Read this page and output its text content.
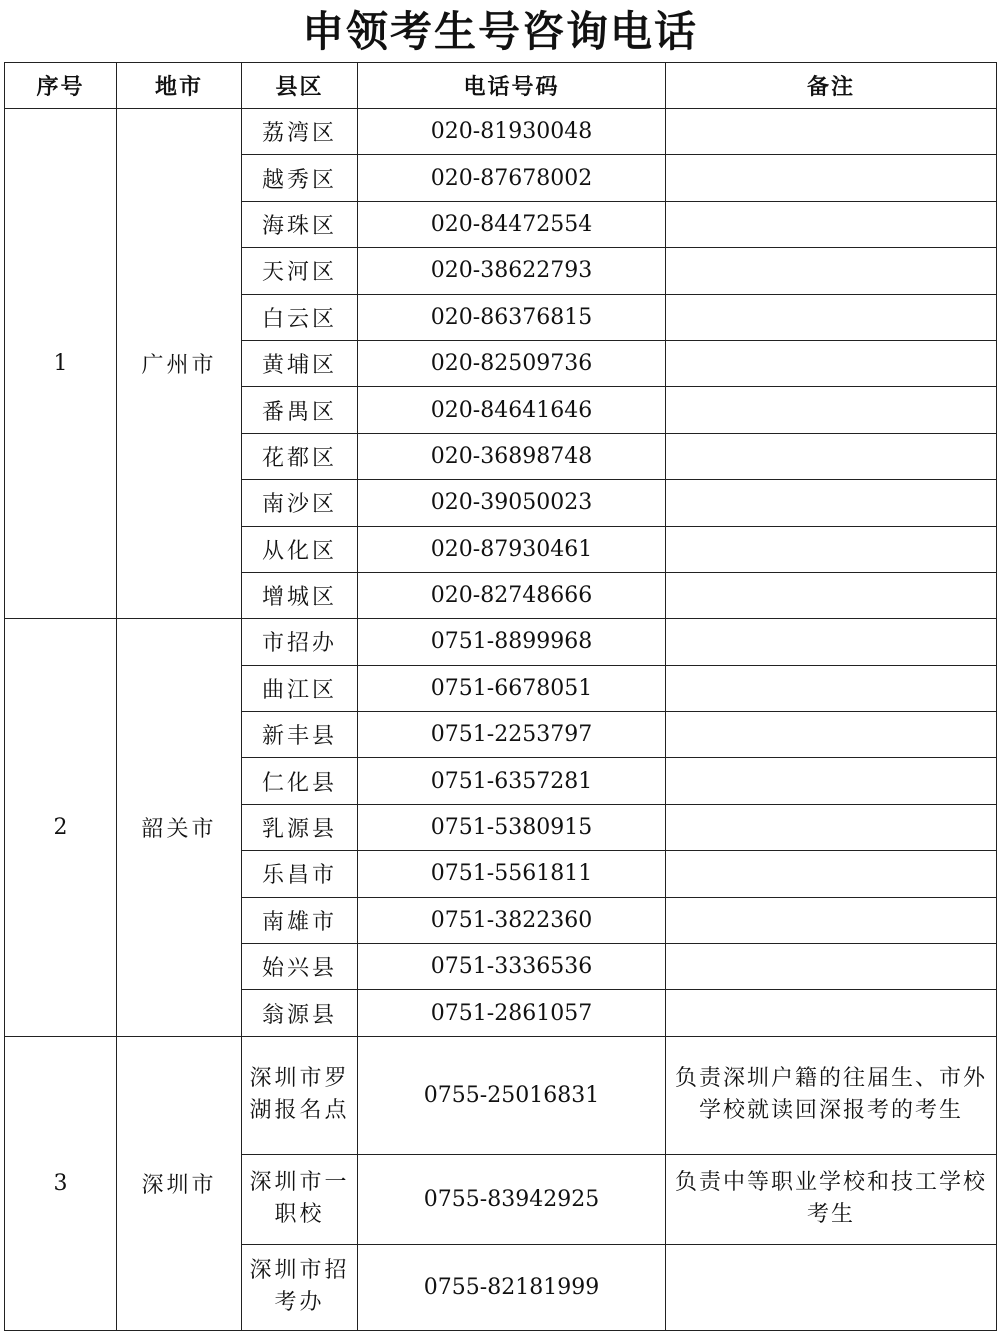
申领考生号咨询电话
序号	地市	县区	电话号码	备注
1	广州市	荔湾区	020-81930048	
		越秀区	020-87678002	
		海珠区	020-84472554	
		天河区	020-38622793	
		白云区	020-86376815	
		黄埔区	020-82509736	
		番禺区	020-84641646	
		花都区	020-36898748	
		南沙区	020-39050023	
		从化区	020-87930461	
		增城区	020-82748666	
2	韶关市	市招办	0751-8899968	
		曲江区	0751-6678051	
		新丰县	0751-2253797	
		仁化县	0751-6357281	
		乳源县	0751-5380915	
		乐昌市	0751-5561811	
		南雄市	0751-3822360	
		始兴县	0751-3336536	
		翁源县	0751-2861057	
3	深圳市	深圳市罗湖报名点	0755-25016831	负责深圳户籍的往届生、市外学校就读回深报考的考生
		深圳市一职校	0755-83942925	负责中等职业学校和技工学校考生
		深圳市招考办	0755-82181999	
